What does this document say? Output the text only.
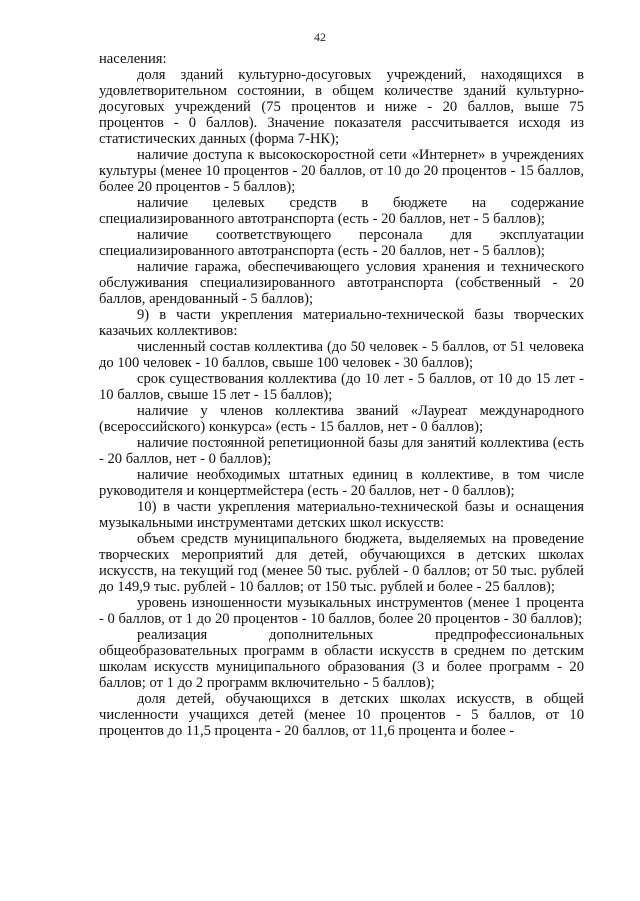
42

населения:

доля зданий культурно-досуговых учреждений, находящихся в удовлетворительном состоянии, в общем количестве зданий культурно-досуговых учреждений (75 процентов и ниже - 20 баллов, выше 75 процентов - 0 баллов). Значение показателя рассчитывается исходя из статистических данных (форма 7-НК);

наличие доступа к высокоскоростной сети «Интернет» в учреждениях культуры (менее 10 процентов - 20 баллов, от 10 до 20 процентов - 15 баллов, более 20 процентов - 5 баллов);

наличие целевых средств в бюджете на содержание специализированного автотранспорта (есть - 20 баллов, нет - 5 баллов);

наличие соответствующего персонала для эксплуатации специализированного автотранспорта (есть - 20 баллов, нет - 5 баллов);

наличие гаража, обеспечивающего условия хранения и технического обслуживания специализированного автотранспорта (собственный - 20 баллов, арендованный - 5 баллов);

9) в части укрепления материально-технической базы творческих казачьих коллективов:

численный состав коллектива (до 50 человек - 5 баллов, от 51 человека до 100 человек - 10 баллов, свыше 100 человек - 30 баллов);

срок существования коллектива (до 10 лет - 5 баллов, от 10 до 15 лет - 10 баллов, свыше 15 лет - 15 баллов);

наличие у членов коллектива званий «Лауреат международного (всероссийского) конкурса» (есть - 15 баллов, нет - 0 баллов);

наличие постоянной репетиционной базы для занятий коллектива (есть - 20 баллов, нет - 0 баллов);

наличие необходимых штатных единиц в коллективе, в том числе руководителя и концертмейстера (есть - 20 баллов, нет - 0 баллов);

10) в части укрепления материально-технической базы и оснащения музыкальными инструментами детских школ искусств:

объем средств муниципального бюджета, выделяемых на проведение творческих мероприятий для детей, обучающихся в детских школах искусств, на текущий год (менее 50 тыс. рублей - 0 баллов; от 50 тыс. рублей до 149,9 тыс. рублей - 10 баллов; от 150 тыс. рублей и более - 25 баллов);

уровень изношенности музыкальных инструментов (менее 1 процента - 0 баллов, от 1 до 20 процентов - 10 баллов, более 20 процентов - 30 баллов);

реализация дополнительных предпрофессиональных общеобразовательных программ в области искусств в среднем по детским школам искусств муниципального образования (3 и более программ - 20 баллов; от 1 до 2 программ включительно - 5 баллов);

доля детей, обучающихся в детских школах искусств, в общей численности учащихся детей (менее 10 процентов - 5 баллов, от 10 процентов до 11,5 процента - 20 баллов, от 11,6 процента и более -
